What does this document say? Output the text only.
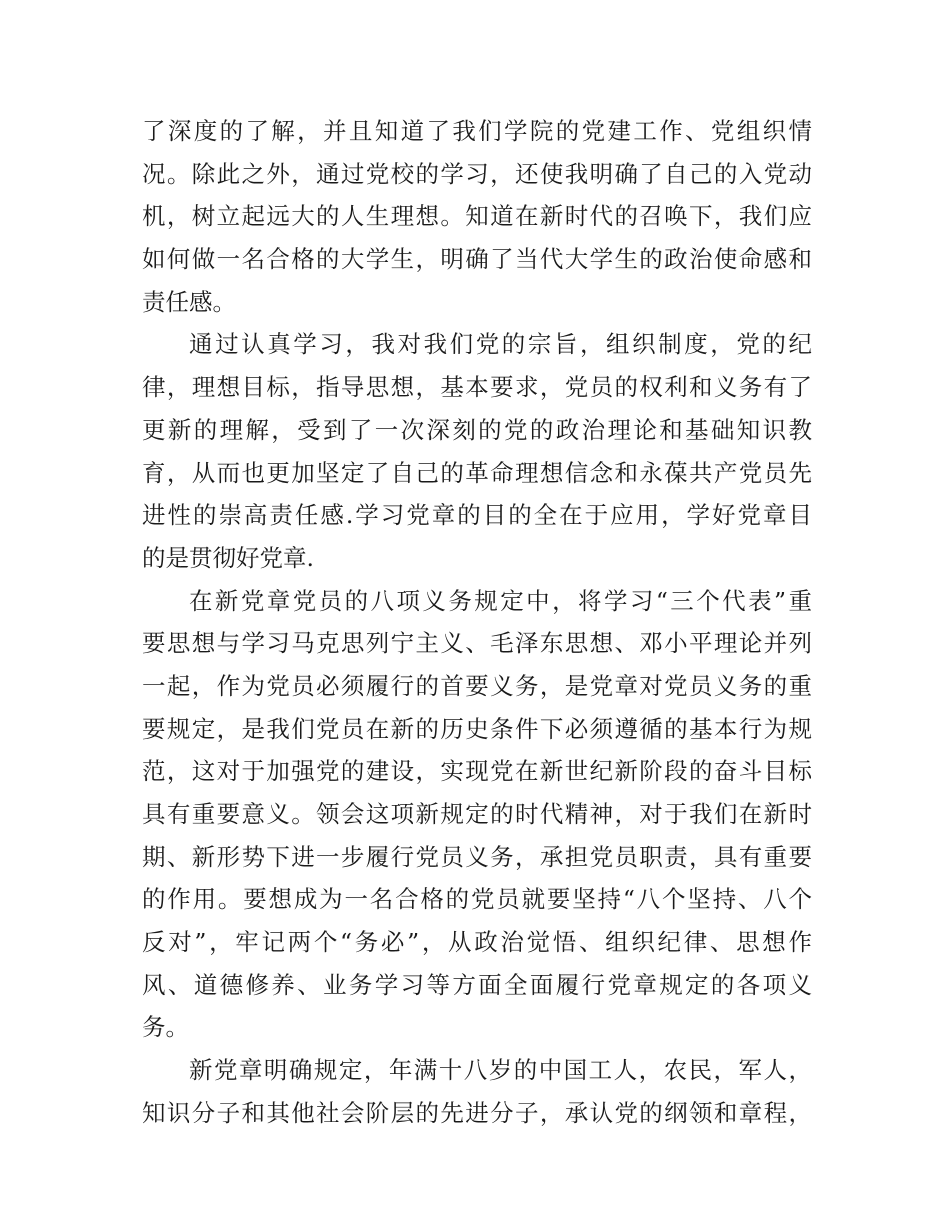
了深度的了解，并且知道了我们学院的党建工作、党组织情
况。除此之外，通过党校的学习，还使我明确了自己的入党动
机，树立起远大的人生理想。知道在新时代的召唤下，我们应
如何做一名合格的大学生，明确了当代大学生的政治使命感和
责任感。
通过认真学习，我对我们党的宗旨，组织制度，党的纪
律，理想目标，指导思想，基本要求，党员的权利和义务有了
更新的理解，受到了一次深刻的党的政治理论和基础知识教
育，从而也更加坚定了自己的革命理想信念和永葆共产党员先
进性的崇高责任感.学习党章的目的全在于应用，学好党章目
的是贯彻好党章.
在新党章党员的八项义务规定中，将学习“三个代表”重
要思想与学习马克思列宁主义、毛泽东思想、邓小平理论并列
一起，作为党员必须履行的首要义务，是党章对党员义务的重
要规定，是我们党员在新的历史条件下必须遵循的基本行为规
范，这对于加强党的建设，实现党在新世纪新阶段的奋斗目标
具有重要意义。领会这项新规定的时代精神，对于我们在新时
期、新形势下进一步履行党员义务，承担党员职责，具有重要
的作用。要想成为一名合格的党员就要坚持“八个坚持、八个
反对”，牢记两个“务必”，从政治觉悟、组织纪律、思想作
风、道德修养、业务学习等方面全面履行党章规定的各项义
务。
新党章明确规定，年满十八岁的中国工人，农民，军人，
知识分子和其他社会阶层的先进分子，承认党的纲领和章程，
